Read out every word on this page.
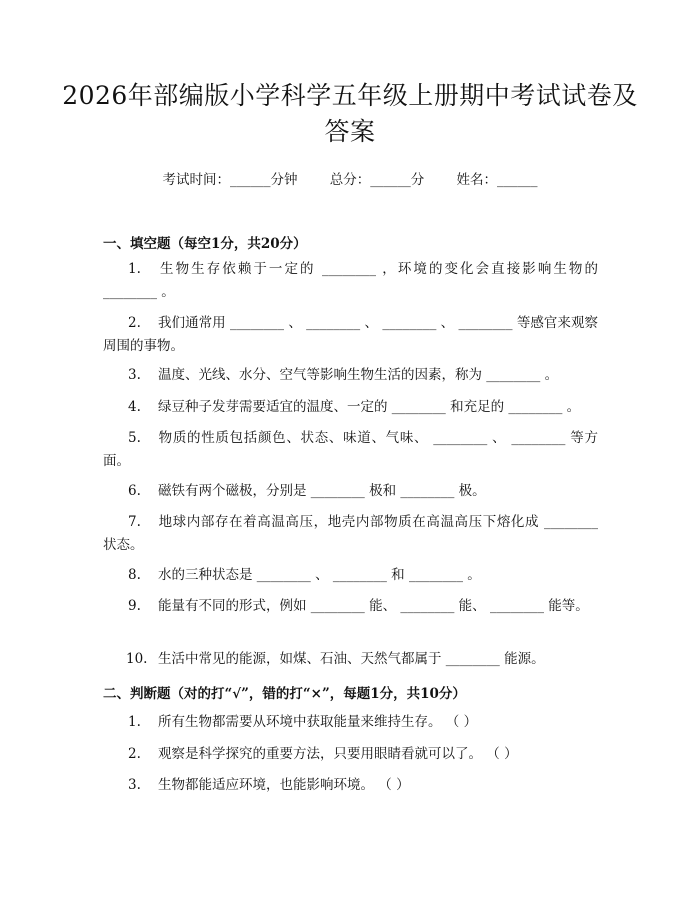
2026年部编版小学科学五年级上册期中考试试卷及答案
考试时间：______分钟 总分：______分 姓名：______
一、填空题（每空1分，共20分）
1. 生物生存依赖于一定的 ________ ，环境的变化会直接影响生物的 ________ 。
2. 我们通常用 ________ 、 ________ 、 ________ 、 ________ 等感官来观察周围的事物。
3. 温度、光线、水分、空气等影响生物生活的因素，称为 ________ 。
4. 绿豆种子发芽需要适宜的温度、一定的 ________ 和充足的 ________ 。
5. 物质的性质包括颜色、状态、味道、气味、 ________ 、 ________ 等方面。
6. 磁铁有两个磁极，分别是 ________ 极和 ________ 极。
7. 地球内部存在着高温高压，地壳内部物质在高温高压下熔化成 ________ 状态。
8. 水的三种状态是 ________ 、 ________ 和 ________ 。
9. 能量有不同的形式，例如 ________ 能、 ________ 能、 ________ 能等。
10. 生活中常见的能源，如煤、石油、天然气都属于 ________ 能源。
二、判断题（对的打“√”，错的打“×”，每题1分，共10分）
1. 所有生物都需要从环境中获取能量来维持生存。 （ ）
2. 观察是科学探究的重要方法，只要用眼睛看就可以了。 （ ）
3. 生物都能适应环境，也能影响环境。 （ ）
